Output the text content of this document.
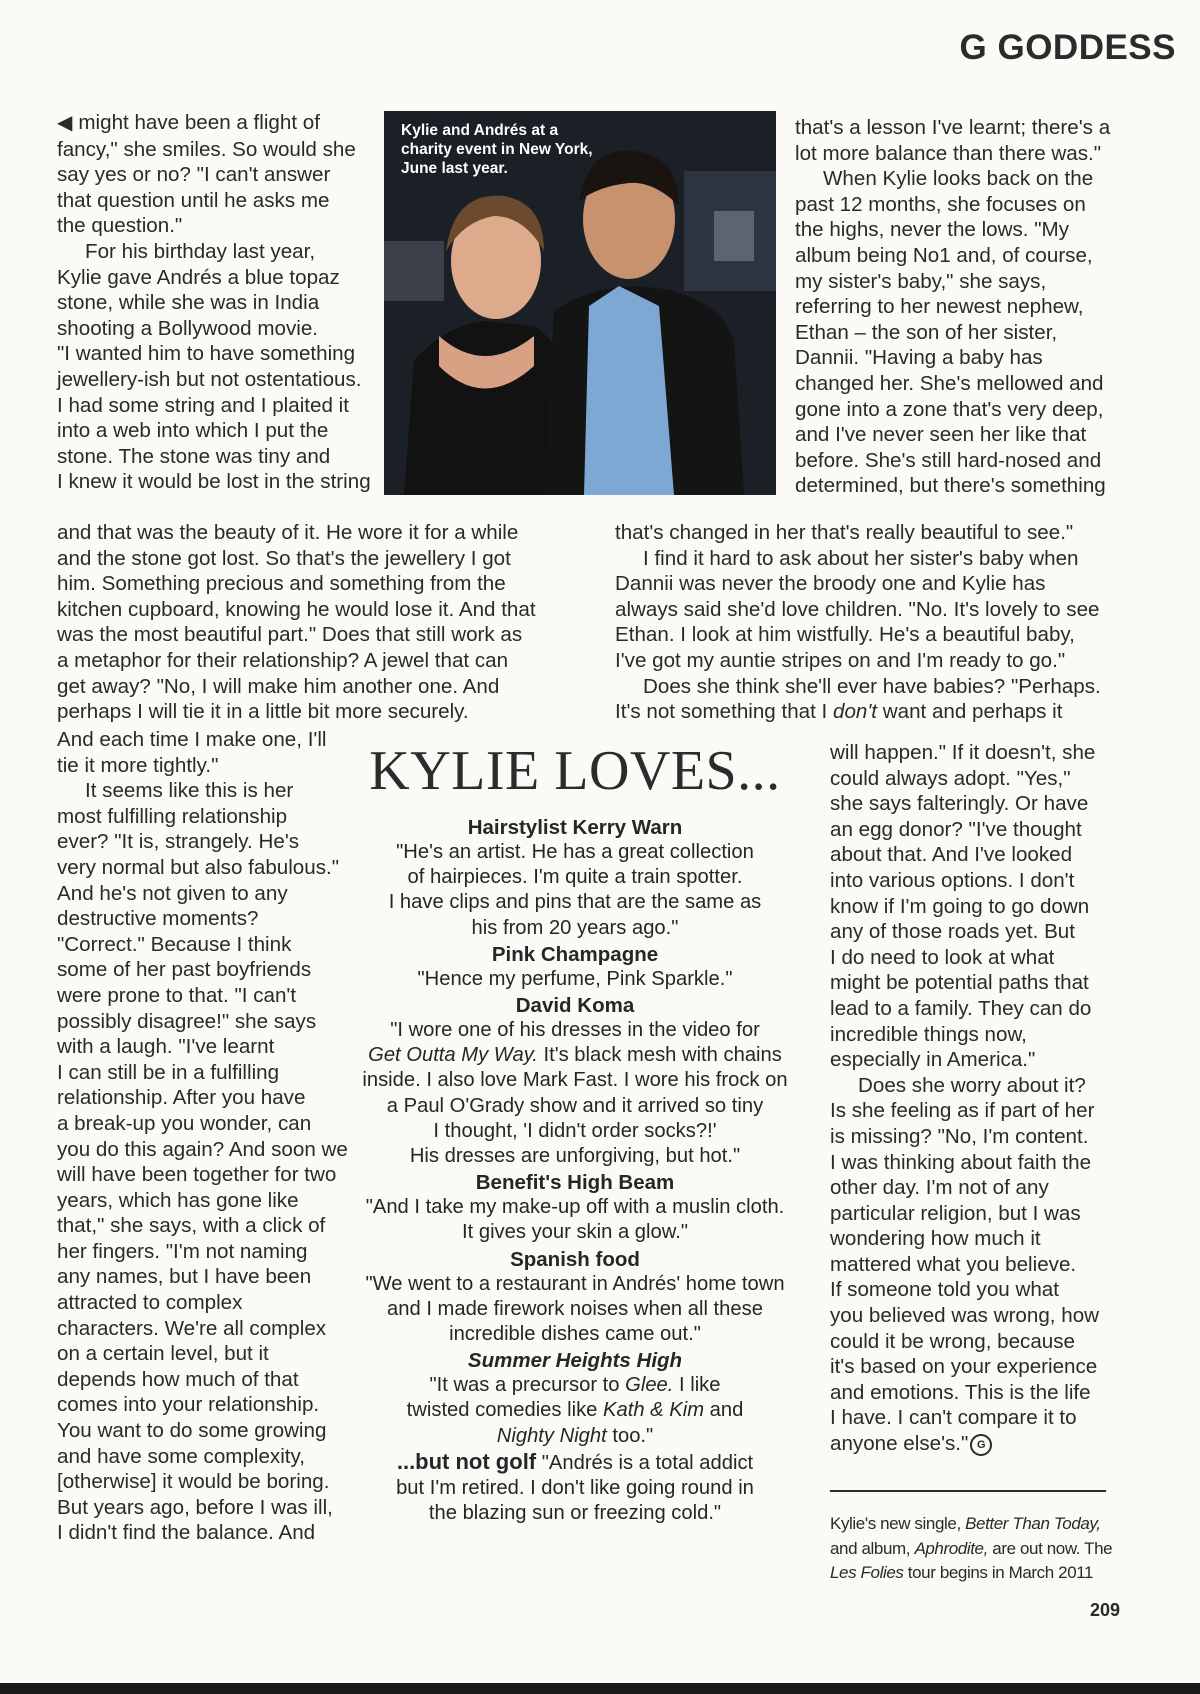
G GODDESS

◀ might have been a flight of

fancy," she smiles. So would she

say yes or no? "I can't answer

that question until he asks me

the question."

For his birthday last year,

Kylie gave Andrés a blue topaz

stone, while she was in India

shooting a Bollywood movie.

"I wanted him to have something

jewellery-ish but not ostentatious.

I had some string and I plaited it

into a web into which I put the

stone. The stone was tiny and

I knew it would be lost in the string

Kylie and Andrés at a charity event in New York, June last year.

and that was the beauty of it. He wore it for a while

and the stone got lost. So that's the jewellery I got

him. Something precious and something from the

kitchen cupboard, knowing he would lose it. And that

was the most beautiful part." Does that still work as

a metaphor for their relationship? A jewel that can

get away? "No, I will make him another one. And

perhaps I will tie it in a little bit more securely.

And each time I make one, I'll

tie it more tightly."

It seems like this is her

most fulfilling relationship

ever? "It is, strangely. He's

very normal but also fabulous."

And he's not given to any

destructive moments?

"Correct." Because I think

some of her past boyfriends

were prone to that. "I can't

possibly disagree!" she says

with a laugh. "I've learnt

I can still be in a fulfilling

relationship. After you have

a break-up you wonder, can

you do this again? And soon we

will have been together for two

years, which has gone like

that," she says, with a click of

her fingers. "I'm not naming

any names, but I have been

attracted to complex

characters. We're all complex

on a certain level, but it

depends how much of that

comes into your relationship.

You want to do some growing

and have some complexity,

[otherwise] it would be boring.

But years ago, before I was ill,

I didn't find the balance. And

that's a lesson I've learnt; there's a

lot more balance than there was."

When Kylie looks back on the

past 12 months, she focuses on

the highs, never the lows. "My

album being No1 and, of course,

my sister's baby," she says,

referring to her newest nephew,

Ethan – the son of her sister,

Dannii. "Having a baby has

changed her. She's mellowed and

gone into a zone that's very deep,

and I've never seen her like that

before. She's still hard-nosed and

determined, but there's something

that's changed in her that's really beautiful to see."

I find it hard to ask about her sister's baby when

Dannii was never the broody one and Kylie has

always said she'd love children. "No. It's lovely to see

Ethan. I look at him wistfully. He's a beautiful baby,

I've got my auntie stripes on and I'm ready to go."

Does she think she'll ever have babies? "Perhaps.

It's not something that I don't want and perhaps it

will happen." If it doesn't, she

could always adopt. "Yes,"

she says falteringly. Or have

an egg donor? "I've thought

about that. And I've looked

into various options. I don't

know if I'm going to go down

any of those roads yet. But

I do need to look at what

might be potential paths that

lead to a family. They can do

incredible things now,

especially in America."

Does she worry about it?

Is she feeling as if part of her

is missing? "No, I'm content.

I was thinking about faith the

other day. I'm not of any

particular religion, but I was

wondering how much it

mattered what you believe.

If someone told you what

you believed was wrong, how

could it be wrong, because

it's based on your experience

and emotions. This is the life

I have. I can't compare it to

anyone else's." G

KYLIE LOVES...
Hairstylist Kerry Warn

"He's an artist. He has a great collection

of hairpieces. I'm quite a train spotter.

I have clips and pins that are the same as

his from 20 years ago."

Pink Champagne

"Hence my perfume, Pink Sparkle."

David Koma

"I wore one of his dresses in the video for

Get Outta My Way. It's black mesh with chains

inside. I also love Mark Fast. I wore his frock on

a Paul O'Grady show and it arrived so tiny

I thought, 'I didn't order socks?!'

His dresses are unforgiving, but hot."

Benefit's High Beam

"And I take my make-up off with a muslin cloth.

It gives your skin a glow."

Spanish food

"We went to a restaurant in Andrés' home town

and I made firework noises when all these

incredible dishes came out."

Summer Heights High

"It was a precursor to Glee. I like

twisted comedies like Kath & Kim and

Nighty Night too."

...but not golf "Andrés is a total addict

but I'm retired. I don't like going round in

the blazing sun or freezing cold."	Kylie's new single, Better Than Today,
and album, Aphrodite, are out now. The
Les Folies tour begins in March 2011
209
